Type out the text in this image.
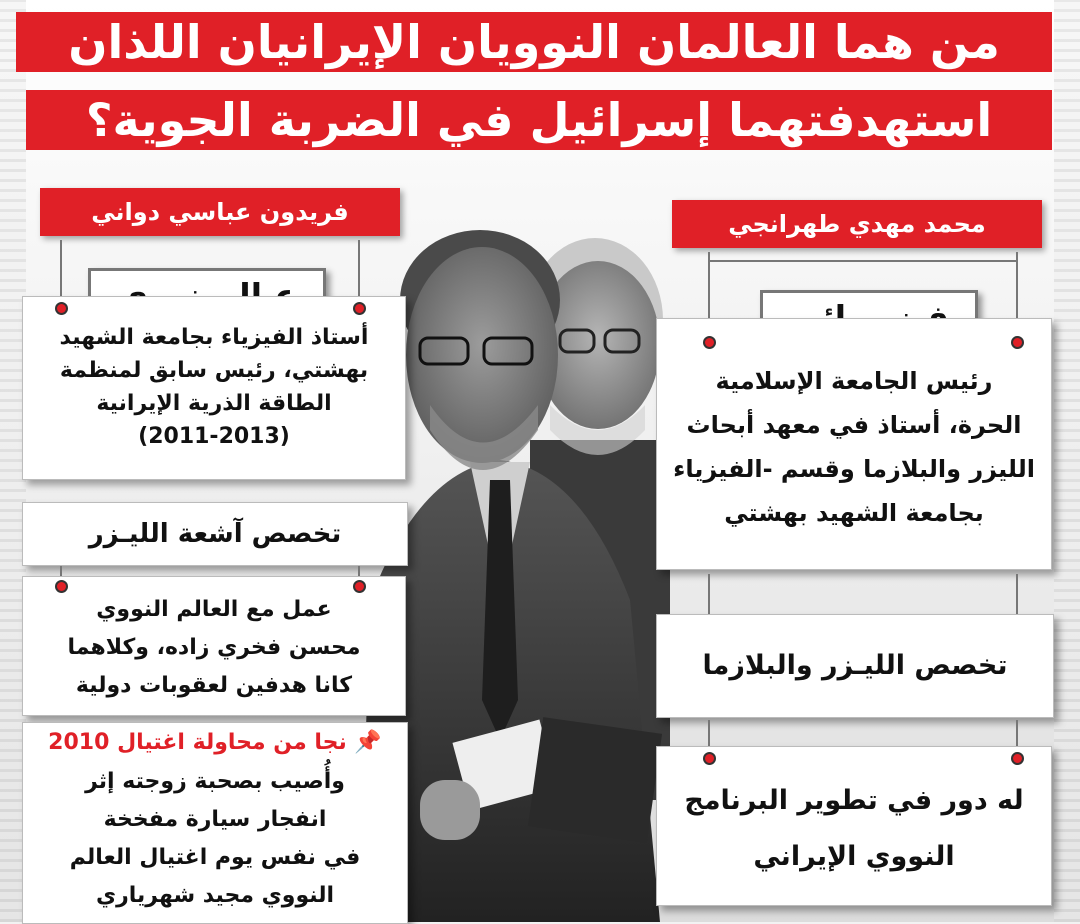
من هما العالمان النوويان الإيرانيان اللذان
استهدفتهما إسرائيل في الضربة الجوية؟
فريدون عباسي دواني
أستاذ الفيزياء بجامعة الشهيد
بهشتي، رئيس سابق لمنظمة
الطاقة الذرية الإيرانية
(2011-2013)
تخصص آشعة الليـزر
عمل مع العالم النووي
محسن فخري زاده، وكلاهما
كانا هدفين لعقوبات دولية
📌 نجا من محاولة اغتيال 2010
وأُصيب بصحبة زوجته إثر
انفجار سيارة مفخخة
في نفس يوم اغتيال العالم
النووي مجيد شهرياري
محمد مهدي طهرانجي
رئيس الجامعة الإسلامية
الحرة، أستاذ في معهد أبحاث
الليزر والبلازما وقسم -الفيزياء
بجامعة الشهيد بهشتي
تخصص الليـزر والبلازما
له دور في تطوير البرنامج
النووي الإيراني
